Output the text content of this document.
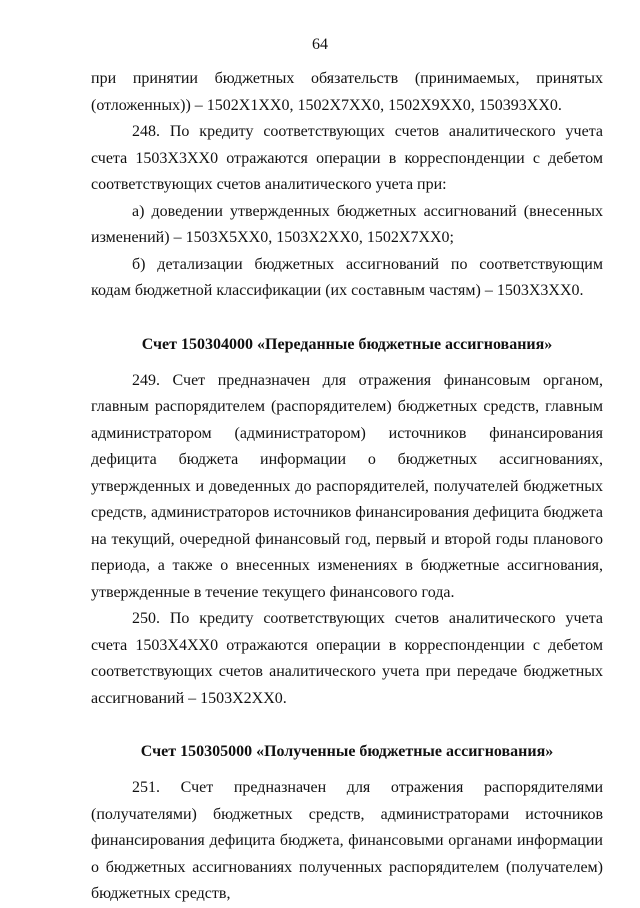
64

при принятии бюджетных обязательств (принимаемых, принятых (отложенных)) – 1502Х1ХХ0, 1502Х7ХХ0, 1502Х9ХХ0, 150393ХХ0.

248. По кредиту соответствующих счетов аналитического учета счета 1503Х3ХХ0 отражаются операции в корреспонденции с дебетом соответствующих счетов аналитического учета при:

а) доведении утвержденных бюджетных ассигнований (внесенных изменений) – 1503Х5ХХ0, 1503Х2ХХ0, 1502Х7ХХ0;

б) детализации бюджетных ассигнований по соответствующим кодам бюджетной классификации (их составным частям) – 1503Х3ХХ0.

Счет 150304000 «Переданные бюджетные ассигнования»

249. Счет предназначен для отражения финансовым органом, главным распорядителем (распорядителем) бюджетных средств, главным администратором (администратором) источников финансирования дефицита бюджета информации о бюджетных ассигнованиях, утвержденных и доведенных до распорядителей, получателей бюджетных средств, администраторов источников финансирования дефицита бюджета на текущий, очередной финансовый год, первый и второй годы планового периода, а также о внесенных изменениях в бюджетные ассигнования, утвержденные в течение текущего финансового года.

250. По кредиту соответствующих счетов аналитического учета счета 1503Х4ХХ0 отражаются операции в корреспонденции с дебетом соответствующих счетов аналитического учета при передаче бюджетных ассигнований – 1503Х2ХХ0.

Счет 150305000 «Полученные бюджетные ассигнования»

251. Счет предназначен для отражения распорядителями (получателями) бюджетных средств, администраторами источников финансирования дефицита бюджета, финансовыми органами информации о бюджетных ассигнованиях полученных распорядителем (получателем) бюджетных средств,
